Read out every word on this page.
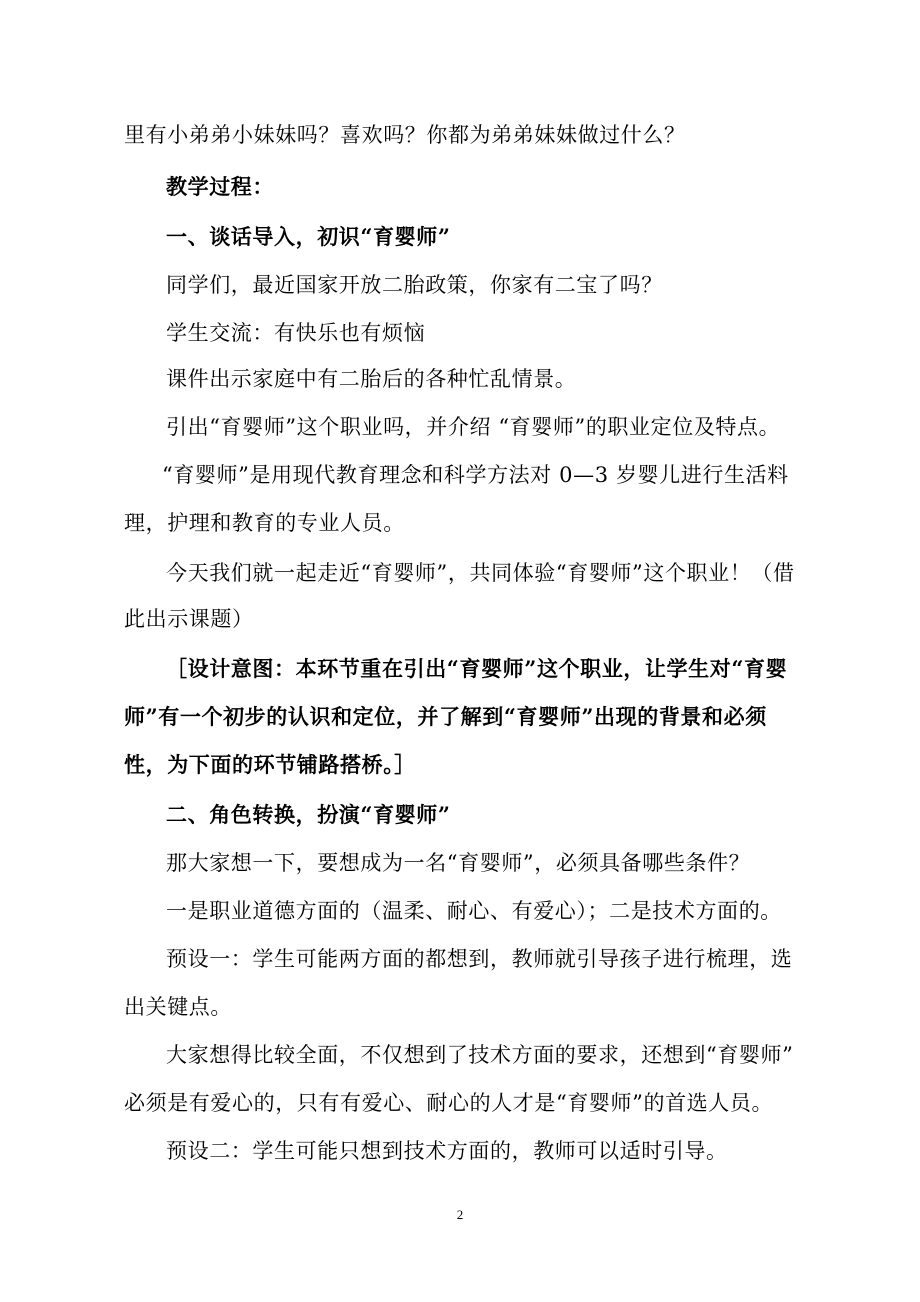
里有小弟弟小妹妹吗？喜欢吗？你都为弟弟妹妹做过什么？
教学过程：
一、谈话导入，初识“育婴师”
同学们，最近国家开放二胎政策，你家有二宝了吗？
学生交流：有快乐也有烦恼
课件出示家庭中有二胎后的各种忙乱情景。
引出“育婴师”这个职业吗，并介绍 “育婴师”的职业定位及特点。
“育婴师”是用现代教育理念和科学方法对 0—3 岁婴儿进行生活料
理，护理和教育的专业人员。
今天我们就一起走近“育婴师”，共同体验“育婴师”这个职业！（借
此出示课题）
［设计意图：本环节重在引出“育婴师”这个职业，让学生对“育婴
师”有一个初步的认识和定位，并了解到“育婴师”出现的背景和必须
性，为下面的环节铺路搭桥。］
二、角色转换，扮演“育婴师”
那大家想一下，要想成为一名“育婴师”，必须具备哪些条件？
一是职业道德方面的（温柔、耐心、有爱心）；二是技术方面的。
预设一：学生可能两方面的都想到，教师就引导孩子进行梳理，选
出关键点。
大家想得比较全面，不仅想到了技术方面的要求，还想到“育婴师”
必须是有爱心的，只有有爱心、耐心的人才是“育婴师”的首选人员。
预设二：学生可能只想到技术方面的，教师可以适时引导。
2
